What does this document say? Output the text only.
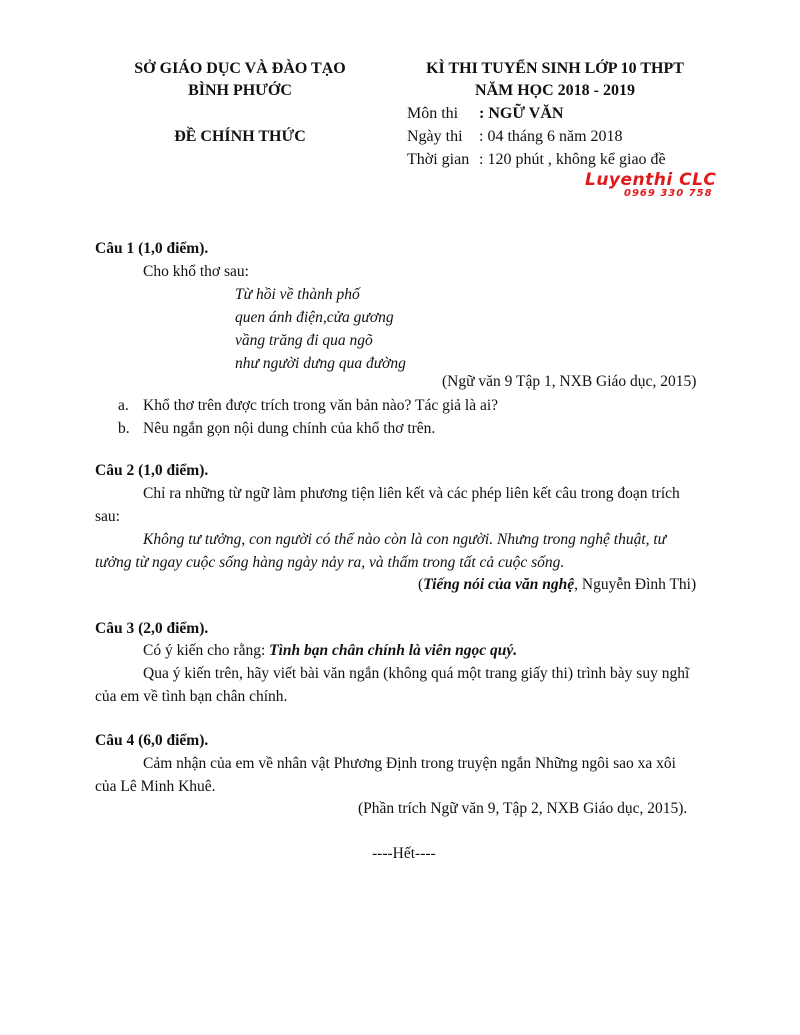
SỞ GIÁO DỤC VÀ ĐÀO TẠO
BÌNH PHƯỚC
ĐỀ CHÍNH THỨC
KÌ THI TUYỂN SINH LỚP 10 THPT
NĂM HỌC 2018 - 2019
Môn thi : NGỮ VĂN
Ngày thi : 04 tháng 6 năm 2018
Thời gian : 120 phút , không kể giao đề
Luyenthi CLC
0969 330 758
Câu 1 (1,0 điểm).
Cho khổ thơ sau:
Từ hồi về thành phố
quen ánh điện,cửa gương
vầng trăng đi qua ngõ
như người dưng qua đường
(Ngữ văn 9 Tập 1, NXB Giáo dục, 2015)
a. Khổ thơ trên được trích trong văn bản nào? Tác giả là ai?
b. Nêu ngắn gọn nội dung chính của khổ thơ trên.
Câu 2 (1,0 điểm).
Chỉ ra những từ ngữ làm phương tiện liên kết và các phép liên kết câu trong đoạn trích
sau:
Không tư tưởng, con người có thể nào còn là con người. Nhưng trong nghệ thuật, tư
tưởng từ ngay cuộc sống hàng ngày nảy ra, và thấm trong tất cả cuộc sống.
(Tiếng nói của văn nghệ, Nguyễn Đình Thi)
Câu 3 (2,0 điểm).
Có ý kiến cho rằng: Tình bạn chân chính là viên ngọc quý.
Qua ý kiến trên, hãy viết bài văn ngắn (không quá một trang giấy thi) trình bày suy nghĩ
của em về tình bạn chân chính.
Câu 4 (6,0 điểm).
Cảm nhận của em về nhân vật Phương Định trong truyện ngắn Những ngôi sao xa xôi
của Lê Minh Khuê.
(Phần trích Ngữ văn 9, Tập 2, NXB Giáo dục, 2015).
----Hết----
